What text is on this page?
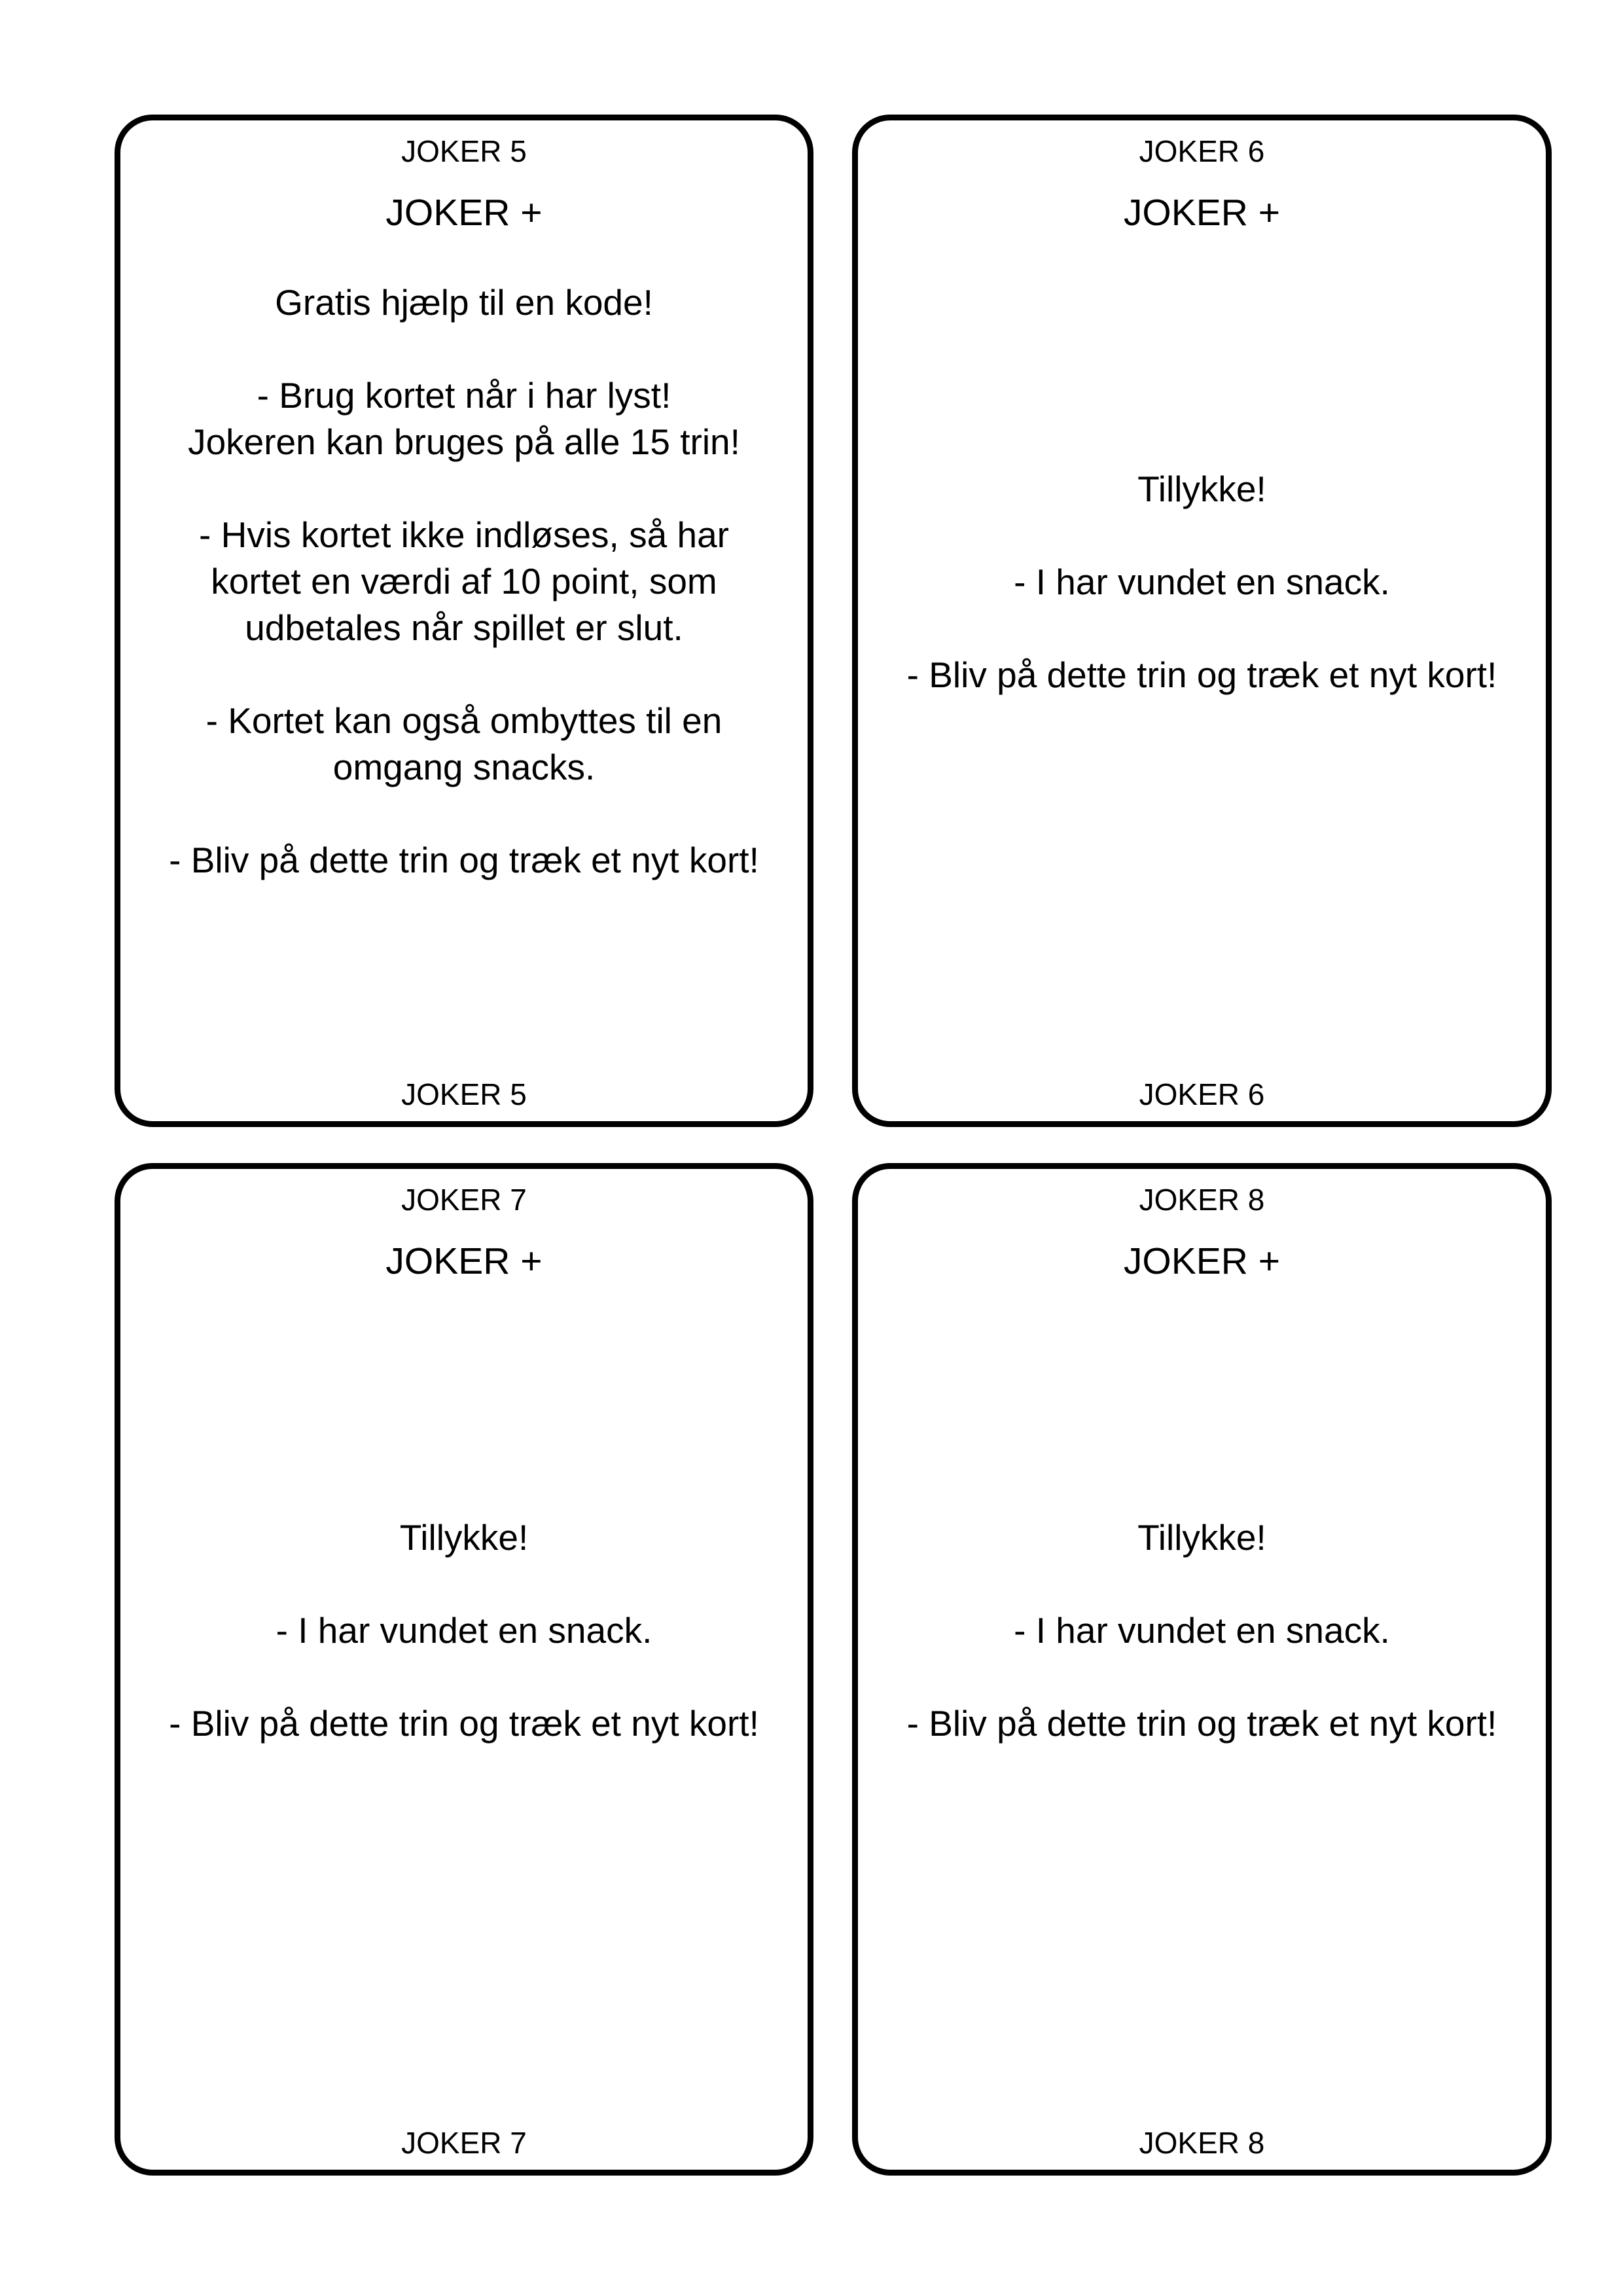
JOKER 5
JOKER +

Gratis hjælp til en kode!

- Brug kortet når i har lyst!
Jokeren kan bruges på alle 15 trin!

- Hvis kortet ikke indløses, så har kortet en værdi af 10 point, som udbetales når spillet er slut.

- Kortet kan også ombyttes til en omgang snacks.

- Bliv på dette trin og træk et nyt kort!

JOKER 5
JOKER 6
JOKER +

Tillykke!

- I har vundet en snack.

- Bliv på dette trin og træk et nyt kort!

JOKER 6
JOKER 7
JOKER +

Tillykke!

- I har vundet en snack.

- Bliv på dette trin og træk et nyt kort!

JOKER 7
JOKER 8
JOKER +

Tillykke!

- I har vundet en snack.

- Bliv på dette trin og træk et nyt kort!

JOKER 8
